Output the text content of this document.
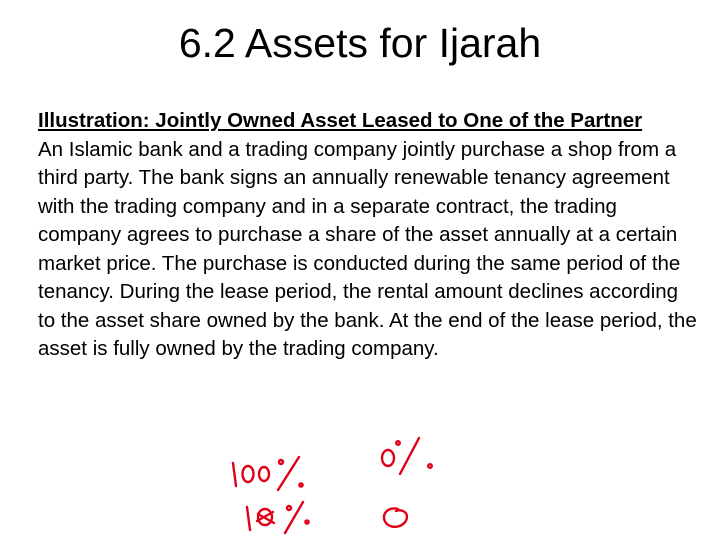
6.2 Assets for Ijarah
Illustration: Jointly Owned Asset Leased to One of the Partner
An Islamic bank and a trading company jointly purchase a shop from a third party. The bank signs an annually renewable tenancy agreement with the trading company and in a separate contract, the trading company agrees to purchase a share of the asset annually at a certain market price. The purchase is conducted during the same period of the tenancy. During the lease period, the rental amount declines according to the asset share owned by the bank. At the end of the lease period, the asset is fully owned by the trading company.
